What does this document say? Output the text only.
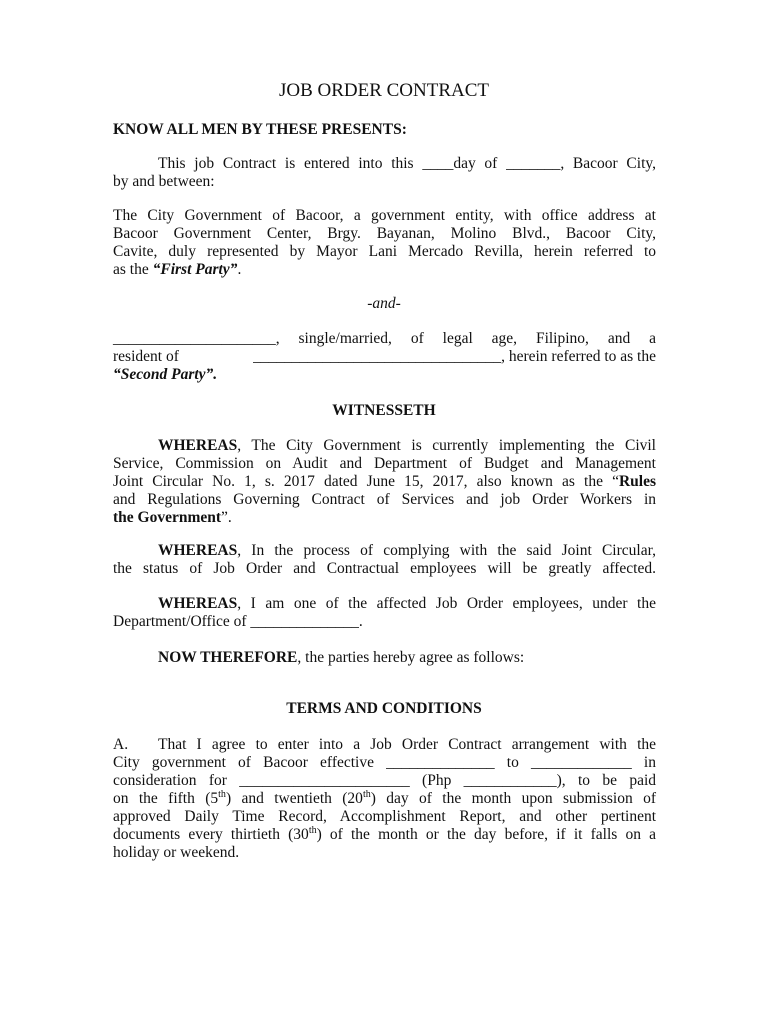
JOB ORDER CONTRACT
KNOW ALL MEN BY THESE PRESENTS:
This job Contract is entered into this ____day of _______, Bacoor City,
by and between:
The City Government of Bacoor, a government entity, with office address at
Bacoor Government Center, Brgy. Bayanan, Molino Blvd., Bacoor City,
Cavite, duly represented by Mayor Lani Mercado Revilla, herein referred to
as the “First Party”.
-and-
_____________________, single/married, of legal age, Filipino, and a
resident of	________________________________, herein referred to as the
“Second Party”.
WITNESSETH
WHEREAS, The City Government is currently implementing the Civil
Service, Commission on Audit and Department of Budget and Management
Joint Circular No. 1, s. 2017 dated June 15, 2017, also known as the “Rules
and Regulations Governing Contract of Services and job Order Workers in
the Government”.
WHEREAS, In the process of complying with the said Joint Circular,
the status of Job Order and Contractual employees will be greatly affected.
WHEREAS, I am one of the affected Job Order employees, under the
Department/Office of ______________.
NOW THEREFORE, the parties hereby agree as follows:
TERMS AND CONDITIONS
A. That I agree to enter into a Job Order Contract arrangement with the
City government of Bacoor effective ______________ to _____________ in
consideration for ______________________ (Php ____________), to be paid
on the fifth (5th) and twentieth (20th) day of the month upon submission of
approved Daily Time Record, Accomplishment Report, and other pertinent
documents every thirtieth (30th) of the month or the day before, if it falls on a
holiday or weekend.
